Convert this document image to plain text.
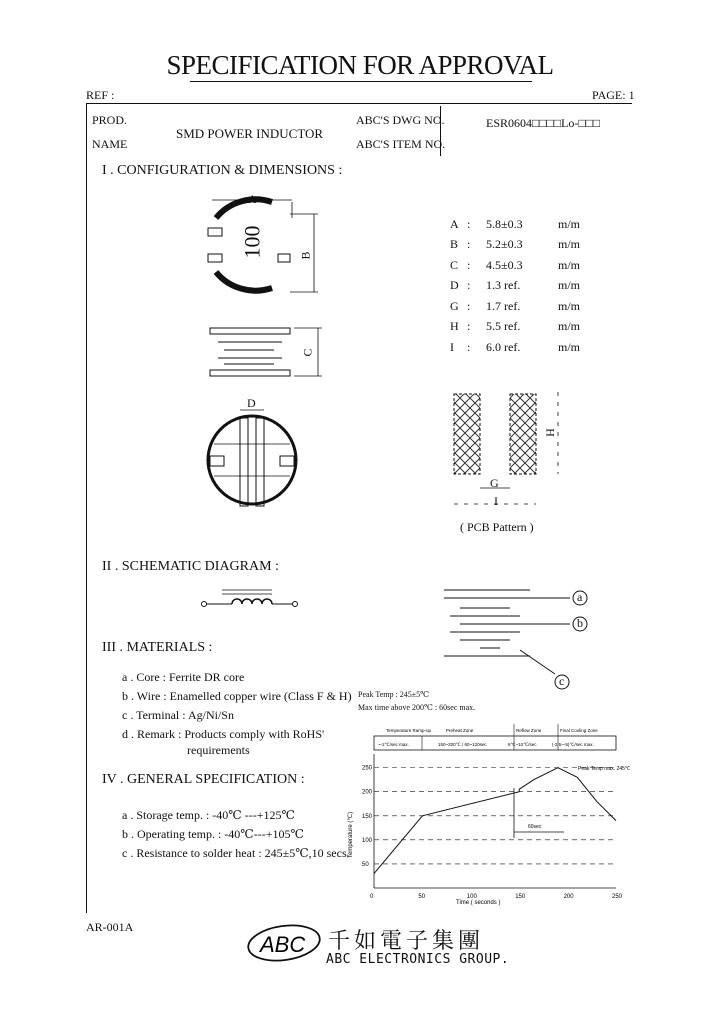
SPECIFICATION FOR APPROVAL
REF :	PAGE: 1
PROD.
NAME
SMD POWER INDUCTOR
ABC'S DWG NO.
ABC'S ITEM NO.
ESR0604□□□□Lo-□□□
I . CONFIGURATION & DIMENSIONS :
100
A
B
C
D
A : 5.8±0.3	m/m
B : 5.2±0.3	m/m
C : 4.5±0.3	m/m
D : 1.3 ref.	m/m
G : 1.7 ref.	m/m
H : 5.5 ref.	m/m
I : 6.0 ref.	m/m
H
G
I
( PCB Pattern )
II . SCHEMATIC DIAGRAM :
a
b
c
III . MATERIALS :
a . Core : Ferrite DR core
b . Wire : Enamelled copper wire (Class F & H)
c . Terminal : Ag/Ni/Sn
d . Remark : Products comply with RoHS'
requirements
IV . GENERAL SPECIFICATION :
a . Storage temp. : -40℃ ---+125℃
b . Operating temp. : -40℃---+105℃
c . Resistance to solder heat : 245±5℃,10 secs.
Peak Temp : 245±5℃
Max time above 200℃ : 60sec max.
Temperature Ramp-up	Preheat Zone	Reflow Zone	Final Cooling Zone
~-2℃/sec max.	150~200℃ / 60~120sec	8℃~10℃/sec	(-2.5~-5)℃/sec max.
0	50	100	150	200	250
50
100
150
200
250
60sec
Peak Temp max. 245℃
Time ( seconds )
Temperature (℃)
AR-001A
ABC 千如電子集團
ABC ELECTRONICS GROUP.
